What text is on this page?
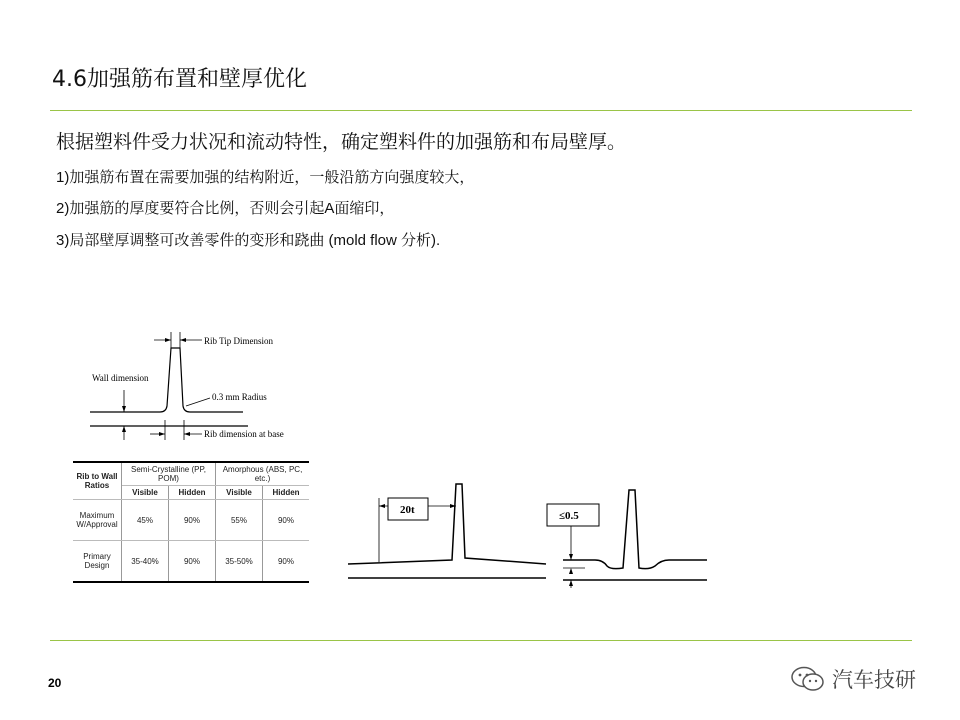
4.6加强筋布置和壁厚优化
根据塑料件受力状况和流动特性，确定塑料件的加强筋和布局壁厚。
1)加强筋布置在需要加强的结构附近，一般沿筋方向强度较大，
2)加强筋的厚度要符合比例，否则会引起A面缩印，
3)局部壁厚调整可改善零件的变形和跷曲 (mold flow 分析).
Rib Tip Dimension
Wall dimension
0.3 mm Radius
Rib dimension at base
Rib to Wall Ratios	Semi-Crystalline (PP, POM)		Amorphous (ABS, PC, etc.)	
	Visible	Hidden	Visible	Hidden
Maximum W/Approval	45%	90%	55%	90%
Primary Design	35-40%	90%	35-50%	90%
20t	≤0.5
20	汽车技研
